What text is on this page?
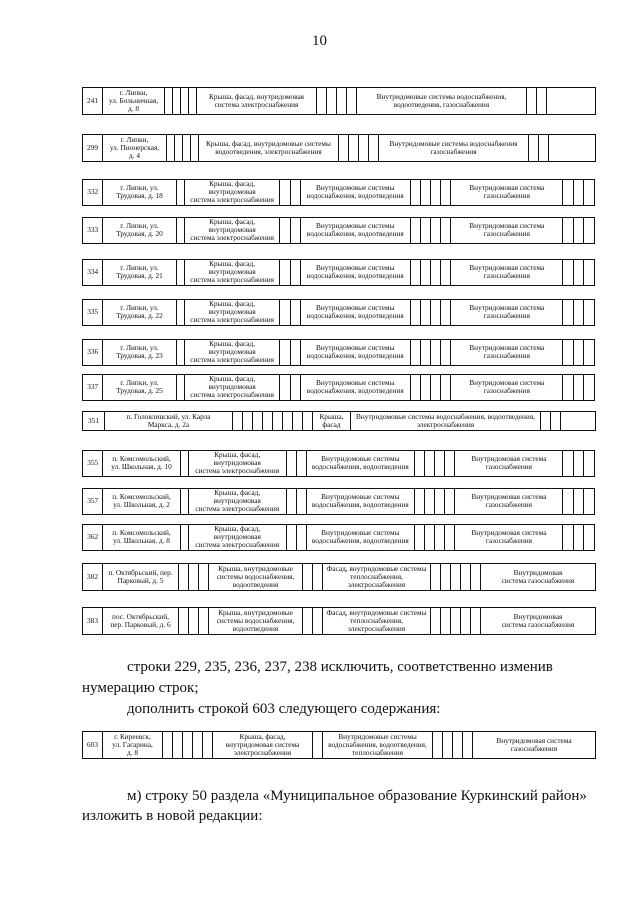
10
241	г. Липки,
ул. Больничная,
д. 8					Крыша, фасад, внутридомовая
система электроснабжения					Внутридомовые системы водоснабжения,
водоотведения, газоснабжения			
299	г. Липки,
ул. Пионерская,
д. 4					Крыша, фасад, внутридомовые системы
водоотведения, электроснабжения					Внутридомовые системы водоснабжения
газоснабжения			
332	г. Липки, ул.
Трудовая, д. 18		Крыша, фасад, внутридомовая
система электроснабжения			Внутридомовые системы
водоснабжения, водоотведения					Внутридомовая система
газоснабжения			
333	г. Липки, ул.
Трудовая, д. 20		Крыша, фасад, внутридомовая
система электроснабжения			Внутридомовые системы
водоснабжения, водоотведения					Внутридомовая система
газоснабжения			
334	г. Липки, ул.
Трудовая, д. 21		Крыша, фасад, внутридомовая
система электроснабжения			Внутридомовые системы
водоснабжения, водоотведения					Внутридомовая система
газоснабжения			
335	г. Липки, ул.
Трудовая, д. 22		Крыша, фасад, внутридомовая
система электроснабжения			Внутридомовые системы
водоснабжения, водоотведения					Внутридомовая система
газоснабжения			
336	г. Липки, ул.
Трудовая, д. 23		Крыша, фасад, внутридомовая
система электроснабжения			Внутридомовые системы
водоснабжения, водоотведения					Внутридомовая система
газоснабжения			
337	г. Липки, ул.
Трудовая, д. 25		Крыша, фасад, внутридомовая
система электроснабжения			Внутридомовые системы
водоснабжения, водоотведения					Внутридомовая система
газоснабжения			
351	п. Головлинский, ул. Карла
Маркса, д. 2а									Крыша,
фасад	Внутридомовые системы водоснабжения, водоотведения,
электроснабжения			
355	п. Комсомольский,
ул. Школьная, д. 10		Крыша, фасад, внутридомовая
система электроснабжения			Внутридомовые системы
водоснабжения, водоотведения					Внутридомовая система
газоснабжения			
357	п. Комсомольский,
ул. Школьная, д. 2		Крыша, фасад, внутридомовая
система электроснабжения			Внутридомовые системы
водоснабжения, водоотведения					Внутридомовая система
газоснабжения			
362	п. Комсомольский,
ул. Школьная, д. 8		Крыша, фасад, внутридомовая
система электроснабжения			Внутридомовые системы
водоснабжения, водоотведения					Внутридомовая система
газоснабжения			
382	п. Октябрьский, пер.
Парковый, д. 5				Крыша, внутридомовые
системы водоснабжения,
водоотведения			Фасад, внутридомовые системы
теплоснабжения,
электроснабжения						Внутридомовая
система газоснабжения
383	пос. Октябрьский,
пер. Парковый, д. 6				Крыша, внутридомовые
системы водоснабжения,
водоотведения			Фасад, внутридомовые системы
теплоснабжения,
электроснабжения						Внутридомовая
система газоснабжения

строки 229, 235, 236, 237, 238 исключить, соответственно изменив

нумерацию строк;

дополнить строкой 603 следующего содержания:

603	г. Киреевск,
ул. Гагарина,
д. 8						Крыша, фасад,
внутридомовая система
электроснабжения		Внутридомовые системы
водоснабжения, водоотведения,
теплоснабжения					Внутридомовая система
газоснабжения

м) строку 50 раздела «Муниципальное образование Куркинский район»

изложить в новой редакции:
